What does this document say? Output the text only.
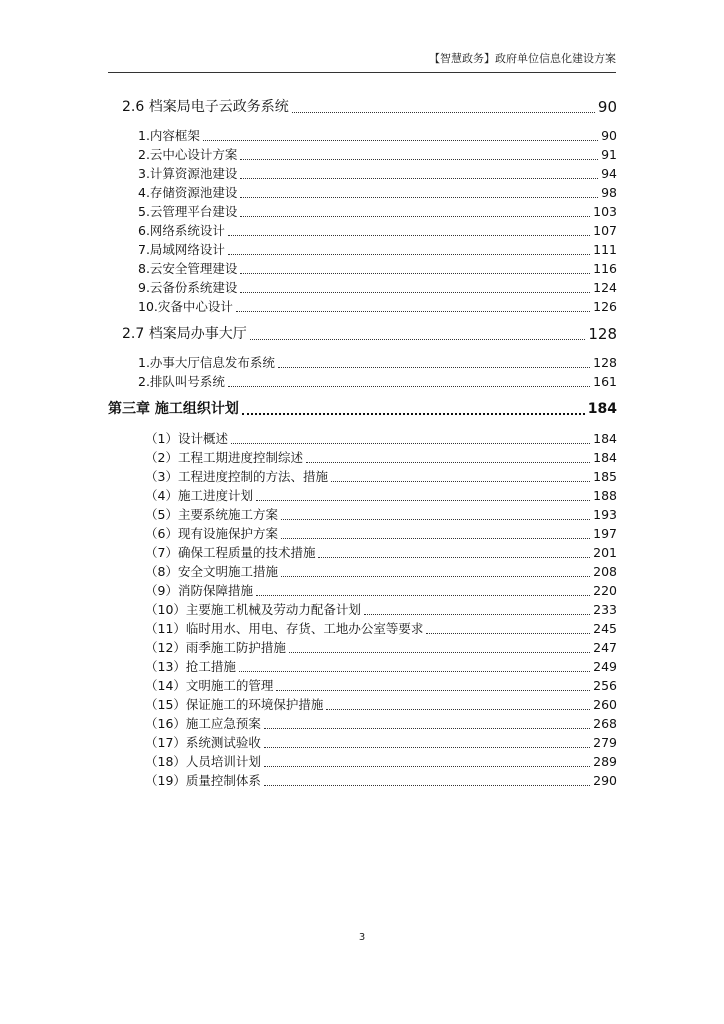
【智慧政务】政府单位信息化建设方案
2.6 档案局电子云政务系统	90
1.内容框架	90
2.云中心设计方案	91
3.计算资源池建设	94
4.存储资源池建设	98
5.云管理平台建设	103
6.网络系统设计	107
7.局域网络设计	111
8.云安全管理建设	116
9.云备份系统建设	124
10.灾备中心设计	126
2.7 档案局办事大厅	128
1.办事大厅信息发布系统	128
2.排队叫号系统	161
第三章 施工组织计划	184
（1）设计概述	184
（2）工程工期进度控制综述	184
（3）工程进度控制的方法、措施	185
（4）施工进度计划	188
（5）主要系统施工方案	193
（6）现有设施保护方案	197
（7）确保工程质量的技术措施	201
（8）安全文明施工措施	208
（9）消防保障措施	220
（10）主要施工机械及劳动力配备计划	233
（11）临时用水、用电、存货、工地办公室等要求	245
（12）雨季施工防护措施	247
（13）抢工措施	249
（14）文明施工的管理	256
（15）保证施工的环境保护措施	260
（16）施工应急预案	268
（17）系统测试验收	279
（18）人员培训计划	289
（19）质量控制体系	290
3
